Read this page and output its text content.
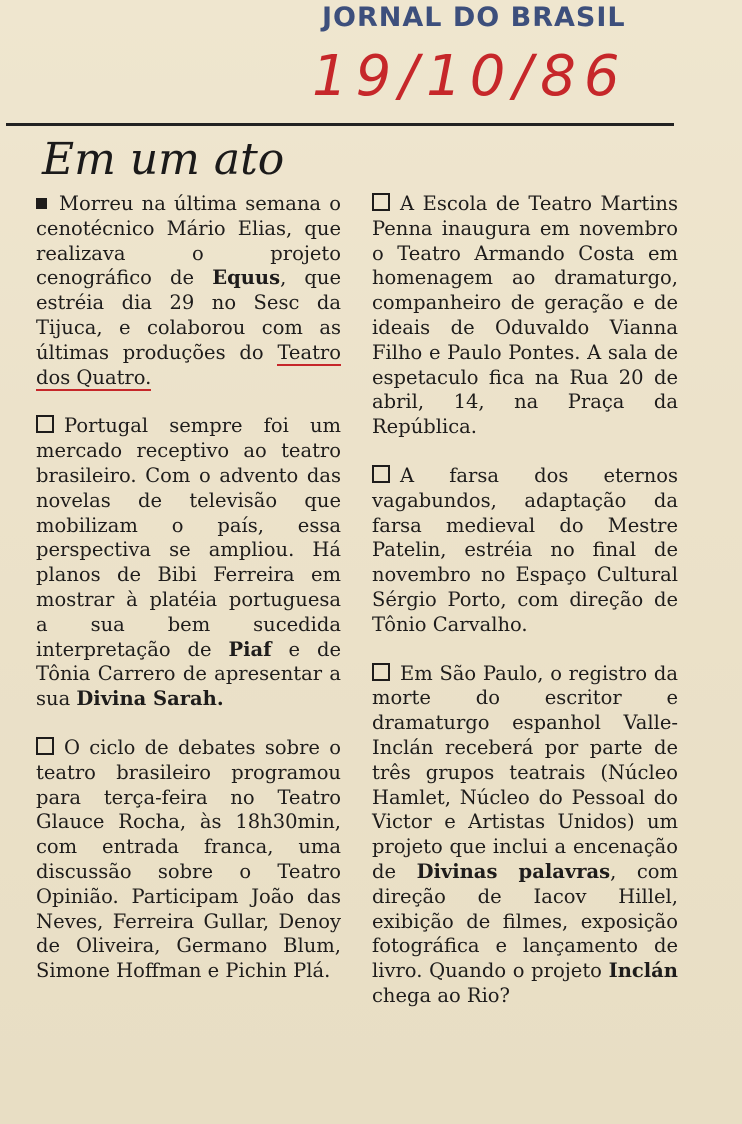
JORNAL DO BRASIL
19/10/86
Em um ato

Morreu na última semana o cenotécnico Mário Elias, que realizava o projeto cenográfico de Equus, que estréia dia 29 no Sesc da Tijuca, e colaborou com as últimas produções do Teatro dos Quatro.

Portugal sempre foi um mercado receptivo ao teatro brasileiro. Com o advento das novelas de televisão que mobilizam o país, essa perspectiva se ampliou. Há planos de Bibi Ferreira em mostrar à platéia portuguesa a sua bem sucedida interpretação de Piaf e de Tônia Carrero de apresentar a sua Divina Sarah.

O ciclo de debates sobre o teatro brasileiro programou para terça-feira no Teatro Glauce Rocha, às 18h30min, com entrada franca, uma discussão sobre o Teatro Opinião. Participam João das Neves, Ferreira Gullar, Denoy de Oliveira, Germano Blum, Simone Hoffman e Pichin Plá.

A Escola de Teatro Martins Penna inaugura em novembro o Teatro Armando Costa em homenagem ao dramaturgo, companheiro de geração e de ideais de Oduvaldo Vianna Filho e Paulo Pontes. A sala de espetaculo fica na Rua 20 de abril, 14, na Praça da República.

A farsa dos eternos vagabundos, adaptação da farsa medieval do Mestre Patelin, estréia no final de novembro no Espaço Cultural Sérgio Porto, com direção de Tônio Carvalho.

Em São Paulo, o registro da morte do escritor e dramaturgo espanhol Valle-Inclán receberá por parte de três grupos teatrais (Núcleo Hamlet, Núcleo do Pessoal do Victor e Artistas Unidos) um projeto que inclui a encenação de Divinas palavras, com direção de Iacov Hillel, exibição de filmes, exposição fotográfica e lançamento de livro. Quando o projeto Inclán chega ao Rio?
